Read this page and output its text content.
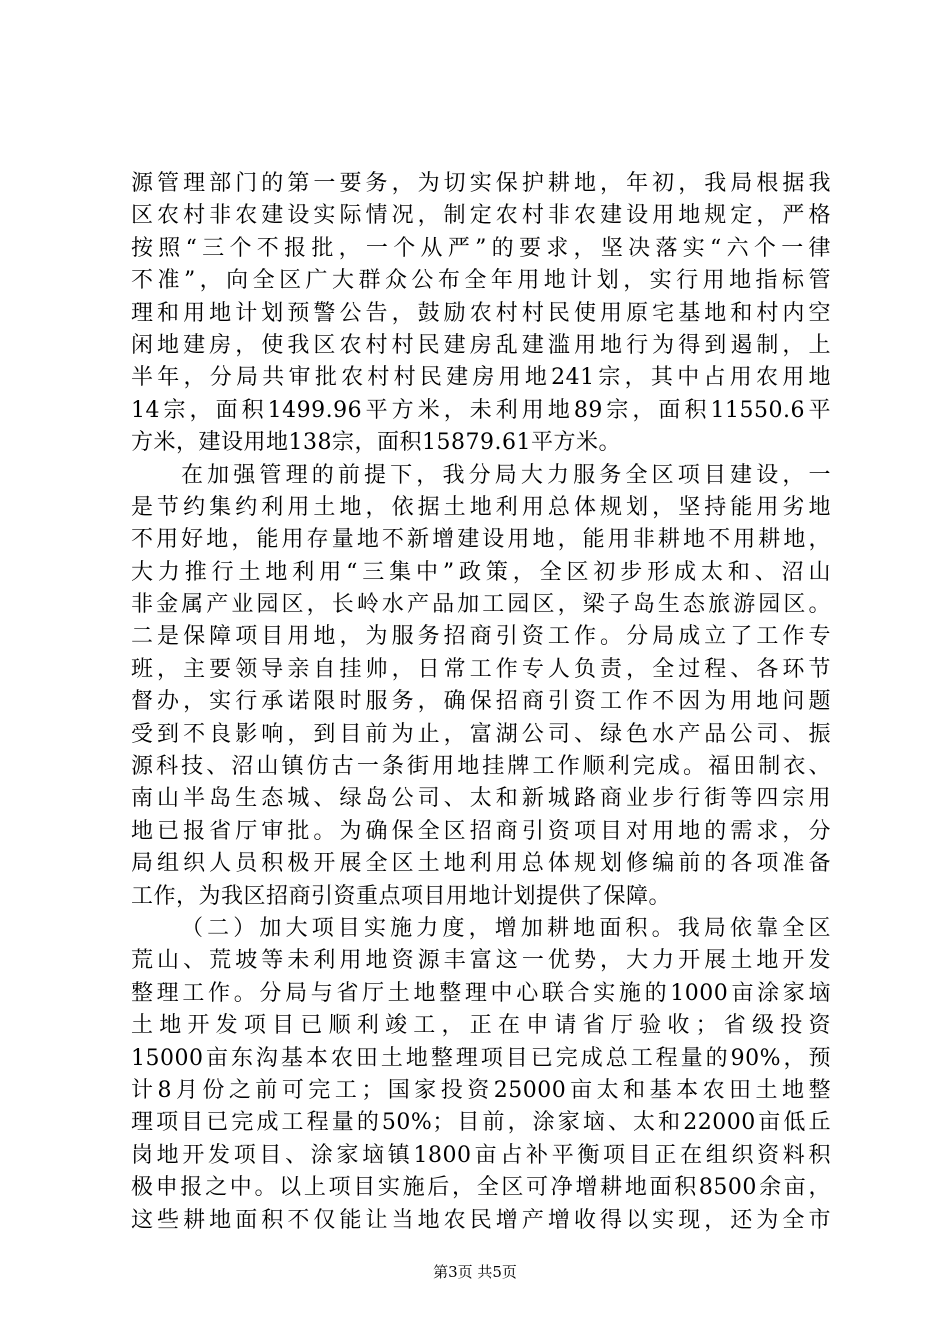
源管理部门的第一要务，为切实保护耕地，年初，我局根据我
区农村非农建设实际情况，制定农村非农建设用地规定，严格
按照“三个不报批，一个从严”的要求，坚决落实“六个一律
不准”，向全区广大群众公布全年用地计划，实行用地指标管
理和用地计划预警公告，鼓励农村村民使用原宅基地和村内空
闲地建房，使我区农村村民建房乱建滥用地行为得到遏制，上
半年，分局共审批农村村民建房用地241宗，其中占用农用地
14宗，面积1499.96平方米，未利用地89宗，面积11550.6平
方米，建设用地138宗，面积15879.61平方米。
在加强管理的前提下，我分局大力服务全区项目建设，一
是节约集约利用土地，依据土地利用总体规划，坚持能用劣地
不用好地，能用存量地不新增建设用地，能用非耕地不用耕地，
大力推行土地利用“三集中”政策，全区初步形成太和、沼山
非金属产业园区，长岭水产品加工园区，梁子岛生态旅游园区。
二是保障项目用地，为服务招商引资工作。分局成立了工作专
班，主要领导亲自挂帅，日常工作专人负责，全过程、各环节
督办，实行承诺限时服务，确保招商引资工作不因为用地问题
受到不良影响，到目前为止，富湖公司、绿色水产品公司、振
源科技、沼山镇仿古一条街用地挂牌工作顺利完成。福田制衣、
南山半岛生态城、绿岛公司、太和新城路商业步行街等四宗用
地已报省厅审批。为确保全区招商引资项目对用地的需求，分
局组织人员积极开展全区土地利用总体规划修编前的各项准备
工作，为我区招商引资重点项目用地计划提供了保障。
（二）加大项目实施力度，增加耕地面积。我局依靠全区
荒山、荒坡等未利用地资源丰富这一优势，大力开展土地开发
整理工作。分局与省厅土地整理中心联合实施的1000亩涂家垴
土地开发项目已顺利竣工，正在申请省厅验收；省级投资
15000亩东沟基本农田土地整理项目已完成总工程量的90%，预
计8月份之前可完工；国家投资25000亩太和基本农田土地整
理项目已完成工程量的50%；目前，涂家垴、太和22000亩低丘
岗地开发项目、涂家垴镇1800亩占补平衡项目正在组织资料积
极申报之中。以上项目实施后，全区可净增耕地面积8500余亩，
这些耕地面积不仅能让当地农民增产增收得以实现，还为全市
第3页 共5页
